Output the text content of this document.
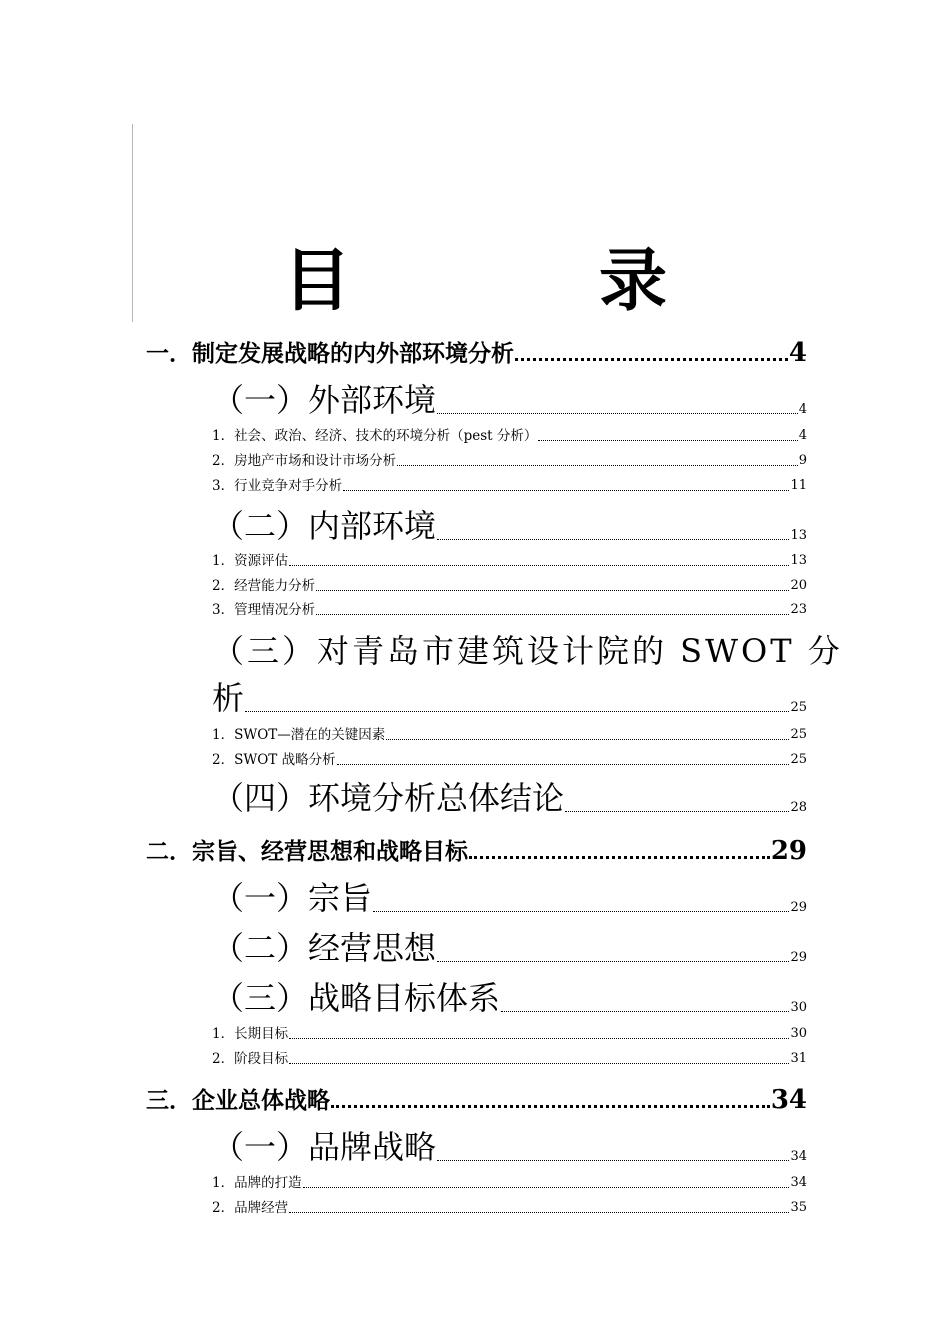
目　录
一．制定发展战略的内外部环境分析	4
（一）外部环境	4
1．社会、政治、经济、技术的环境分析（pest 分析）	4
2．房地产市场和设计市场分析	9
3．行业竞争对手分析	11
（二）内部环境	13
1．资源评估	13
2．经营能力分析	20
3．管理情况分析	23
（三）对青岛市建筑设计院的 SWOT 分
析	25
1．SWOT—潜在的关键因素	25
2．SWOT 战略分析	25
（四）环境分析总体结论	28
二．宗旨、经营思想和战略目标	29
（一）宗旨	29
（二）经营思想	29
（三）战略目标体系	30
1．长期目标	30
2．阶段目标	31
三．企业总体战略	34
（一）品牌战略	34
1．品牌的打造	34
2．品牌经营	35
